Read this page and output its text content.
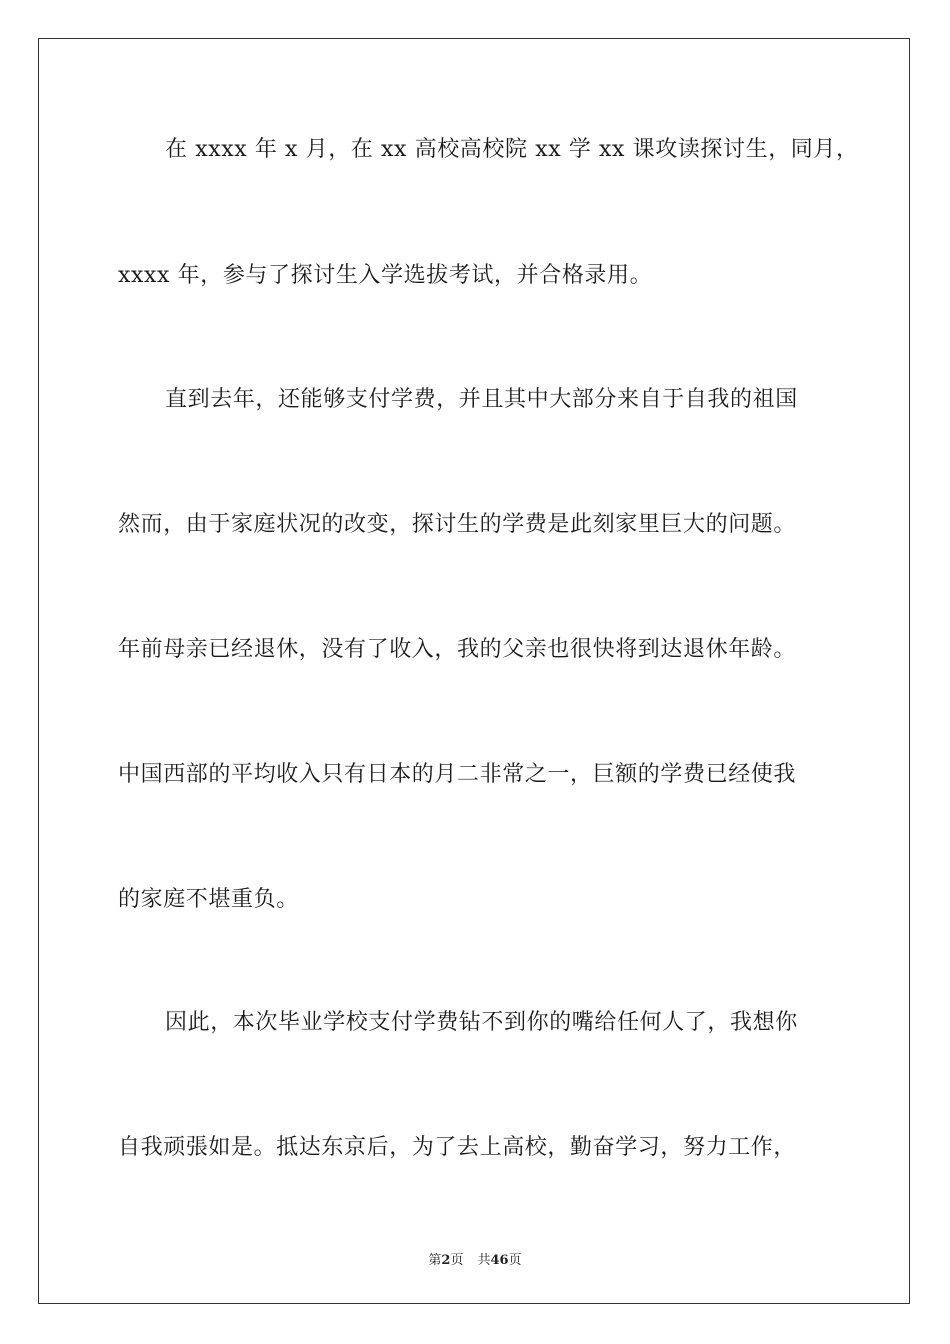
在 xxxx 年 x 月，在 xx 高校高校院 xx 学 xx 课攻读探讨生，同月，
xxxx 年，参与了探讨生入学选拔考试，并合格录用。
直到去年，还能够支付学费，并且其中大部分来自于自我的祖国
然而，由于家庭状况的改变，探讨生的学费是此刻家里巨大的问题。
年前母亲已经退休，没有了收入，我的父亲也很快将到达退休年龄。
中国西部的平均收入只有日本的月二非常之一，巨额的学费已经使我
的家庭不堪重负。
因此，本次毕业学校支付学费钻不到你的嘴给任何人了，我想你
自我顽張如是。抵达东京后，为了去上高校，勤奋学习，努力工作，
第2页 共46页
